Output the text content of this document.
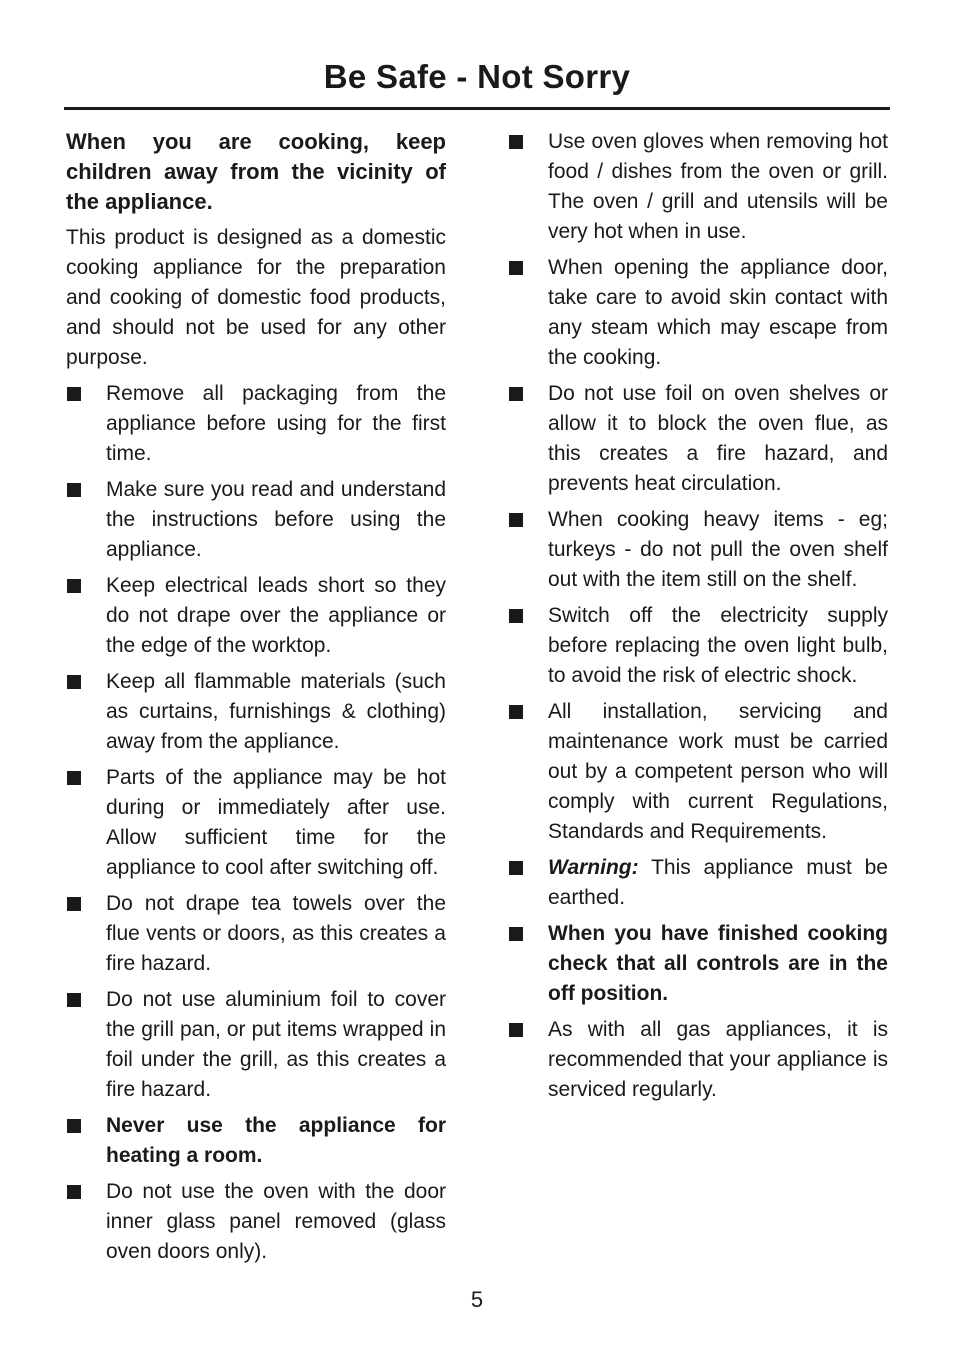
Be Safe - Not Sorry

When you are cooking, keep children away from the vicinity of the appliance.

This product is designed as a domestic cooking appliance for the preparation and cooking of domestic food products, and should not be used for any other purpose.

Remove all packaging from the appliance before using for the first time.
Make sure you read and understand the instructions before using the appliance.
Keep electrical leads short so they do not drape over the appliance or the edge of the worktop.
Keep all flammable materials (such as curtains, furnishings & clothing) away from the appliance.
Parts of the appliance may be hot during or immediately after use. Allow sufficient time for the appliance to cool after switching off.
Do not drape tea towels over the flue vents or doors, as this creates a fire hazard.
Do not use aluminium foil to cover the grill pan, or put items wrapped in foil under the grill, as this creates a fire hazard.
Never use the appliance for heating a room.
Do not use the oven with the door inner glass panel removed (glass oven doors only).
Use oven gloves when removing hot food / dishes from the oven or grill. The oven / grill and utensils will be very hot when in use.
When opening the appliance door, take care to avoid skin contact with any steam which may escape from the cooking.
Do not use foil on oven shelves or allow it to block the oven flue, as this creates a fire hazard, and prevents heat circulation.
When cooking heavy items - eg; turkeys - do not pull the oven shelf out with the item still on the shelf.
Switch off the electricity supply before replacing the oven light bulb, to avoid the risk of electric shock.
All installation, servicing and maintenance work must be carried out by a competent person who will comply with current Regulations, Standards and Requirements.
Warning: This appliance must be earthed.
When you have finished cooking check that all controls are in the off position.
As with all gas appliances, it is recommended that your appliance is serviced regularly.
5
